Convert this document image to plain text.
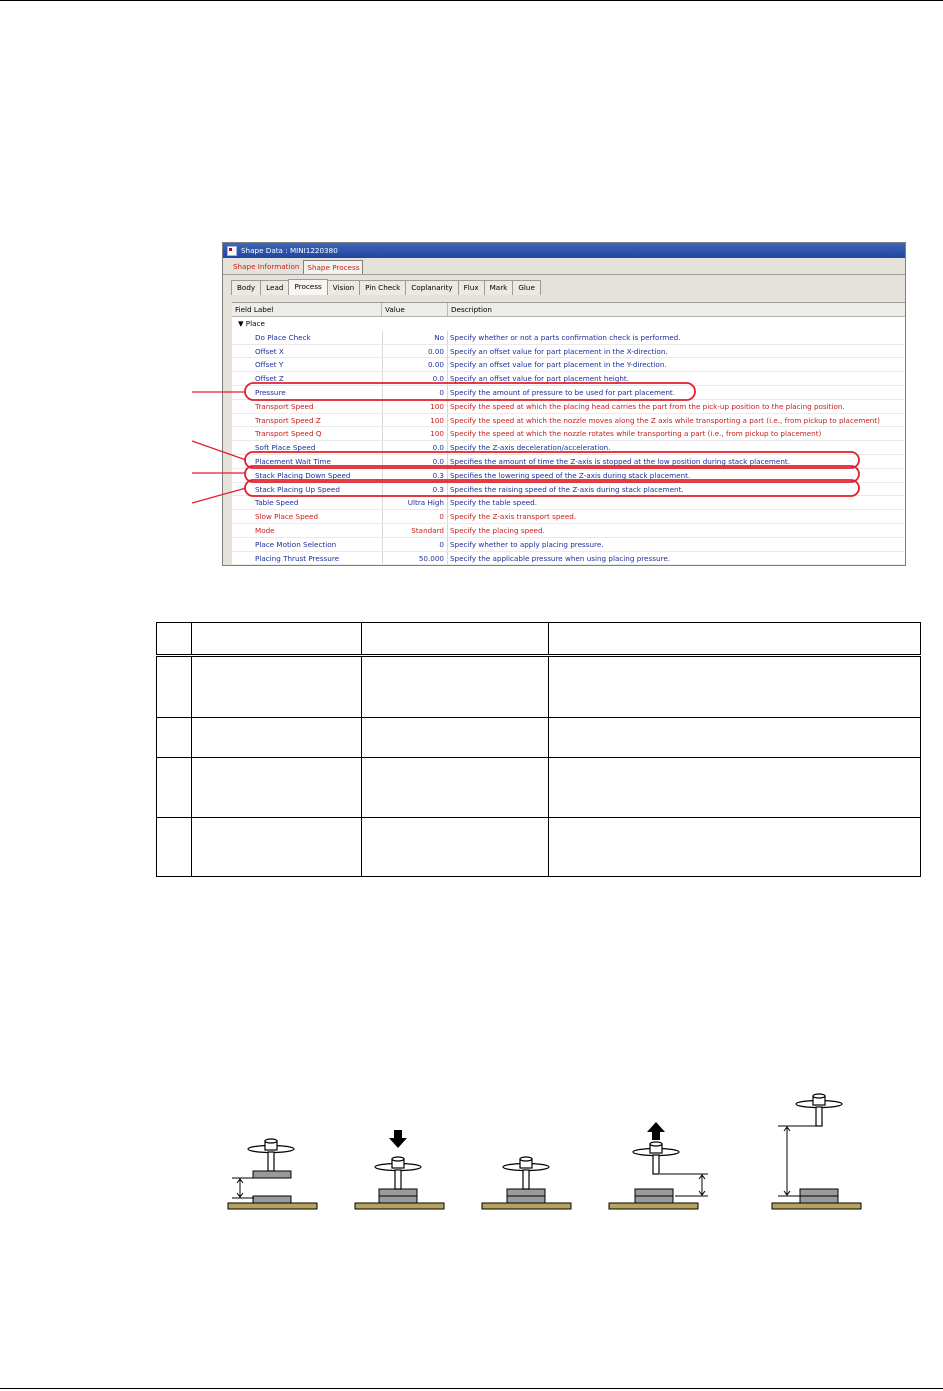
Shape Data : MINI1220380
Shape Information	Shape Process
Body	Lead	Process	Vision	Pin Check	Coplanarity	Flux	Mark	Glue
Field Label	Value	Description
▼ Place
Do Place Check	No Specify whether or not a parts confirmation check is performed.
Offset X	0.00 Specify an offset value for part placement in the X-direction.
Offset Y	0.00 Specify an offset value for part placement in the Y-direction.
Offset Z	0.0 Specify an offset value for part placement height.
Pressure	0 Specify the amount of pressure to be used for part placement.
Transport Speed	100 Specify the speed at which the placing head carries the part from the pick-up position to the placing position.
Transport Speed Z	100 Specify the speed at which the nozzle moves along the Z axis while transporting a part (i.e., from pickup to placement)
Transport Speed Q	100 Specify the speed at which the nozzle rotates while transporting a part (i.e., from pickup to placement)
Soft Place Speed	0.0 Specify the Z-axis deceleration/acceleration.
Placement Wait Time	0.0 Specifies the amount of time the Z-axis is stopped at the low position during stack placement.
Stack Placing Down Speed	0.3 Specifies the lowering speed of the Z-axis during stack placement.
Stack Placing Up Speed	0.3 Specifies the raising speed of the Z-axis during stack placement.
Table Speed	Ultra High Specify the table speed.
Slow Place Speed	0 Specify the Z-axis transport speed.
Mode	Standard Specify the placing speed.
Place Motion Selection	0 Specify whether to apply placing pressure.
Placing Thrust Pressure	50.000 Specify the applicable pressure when using placing pressure.
